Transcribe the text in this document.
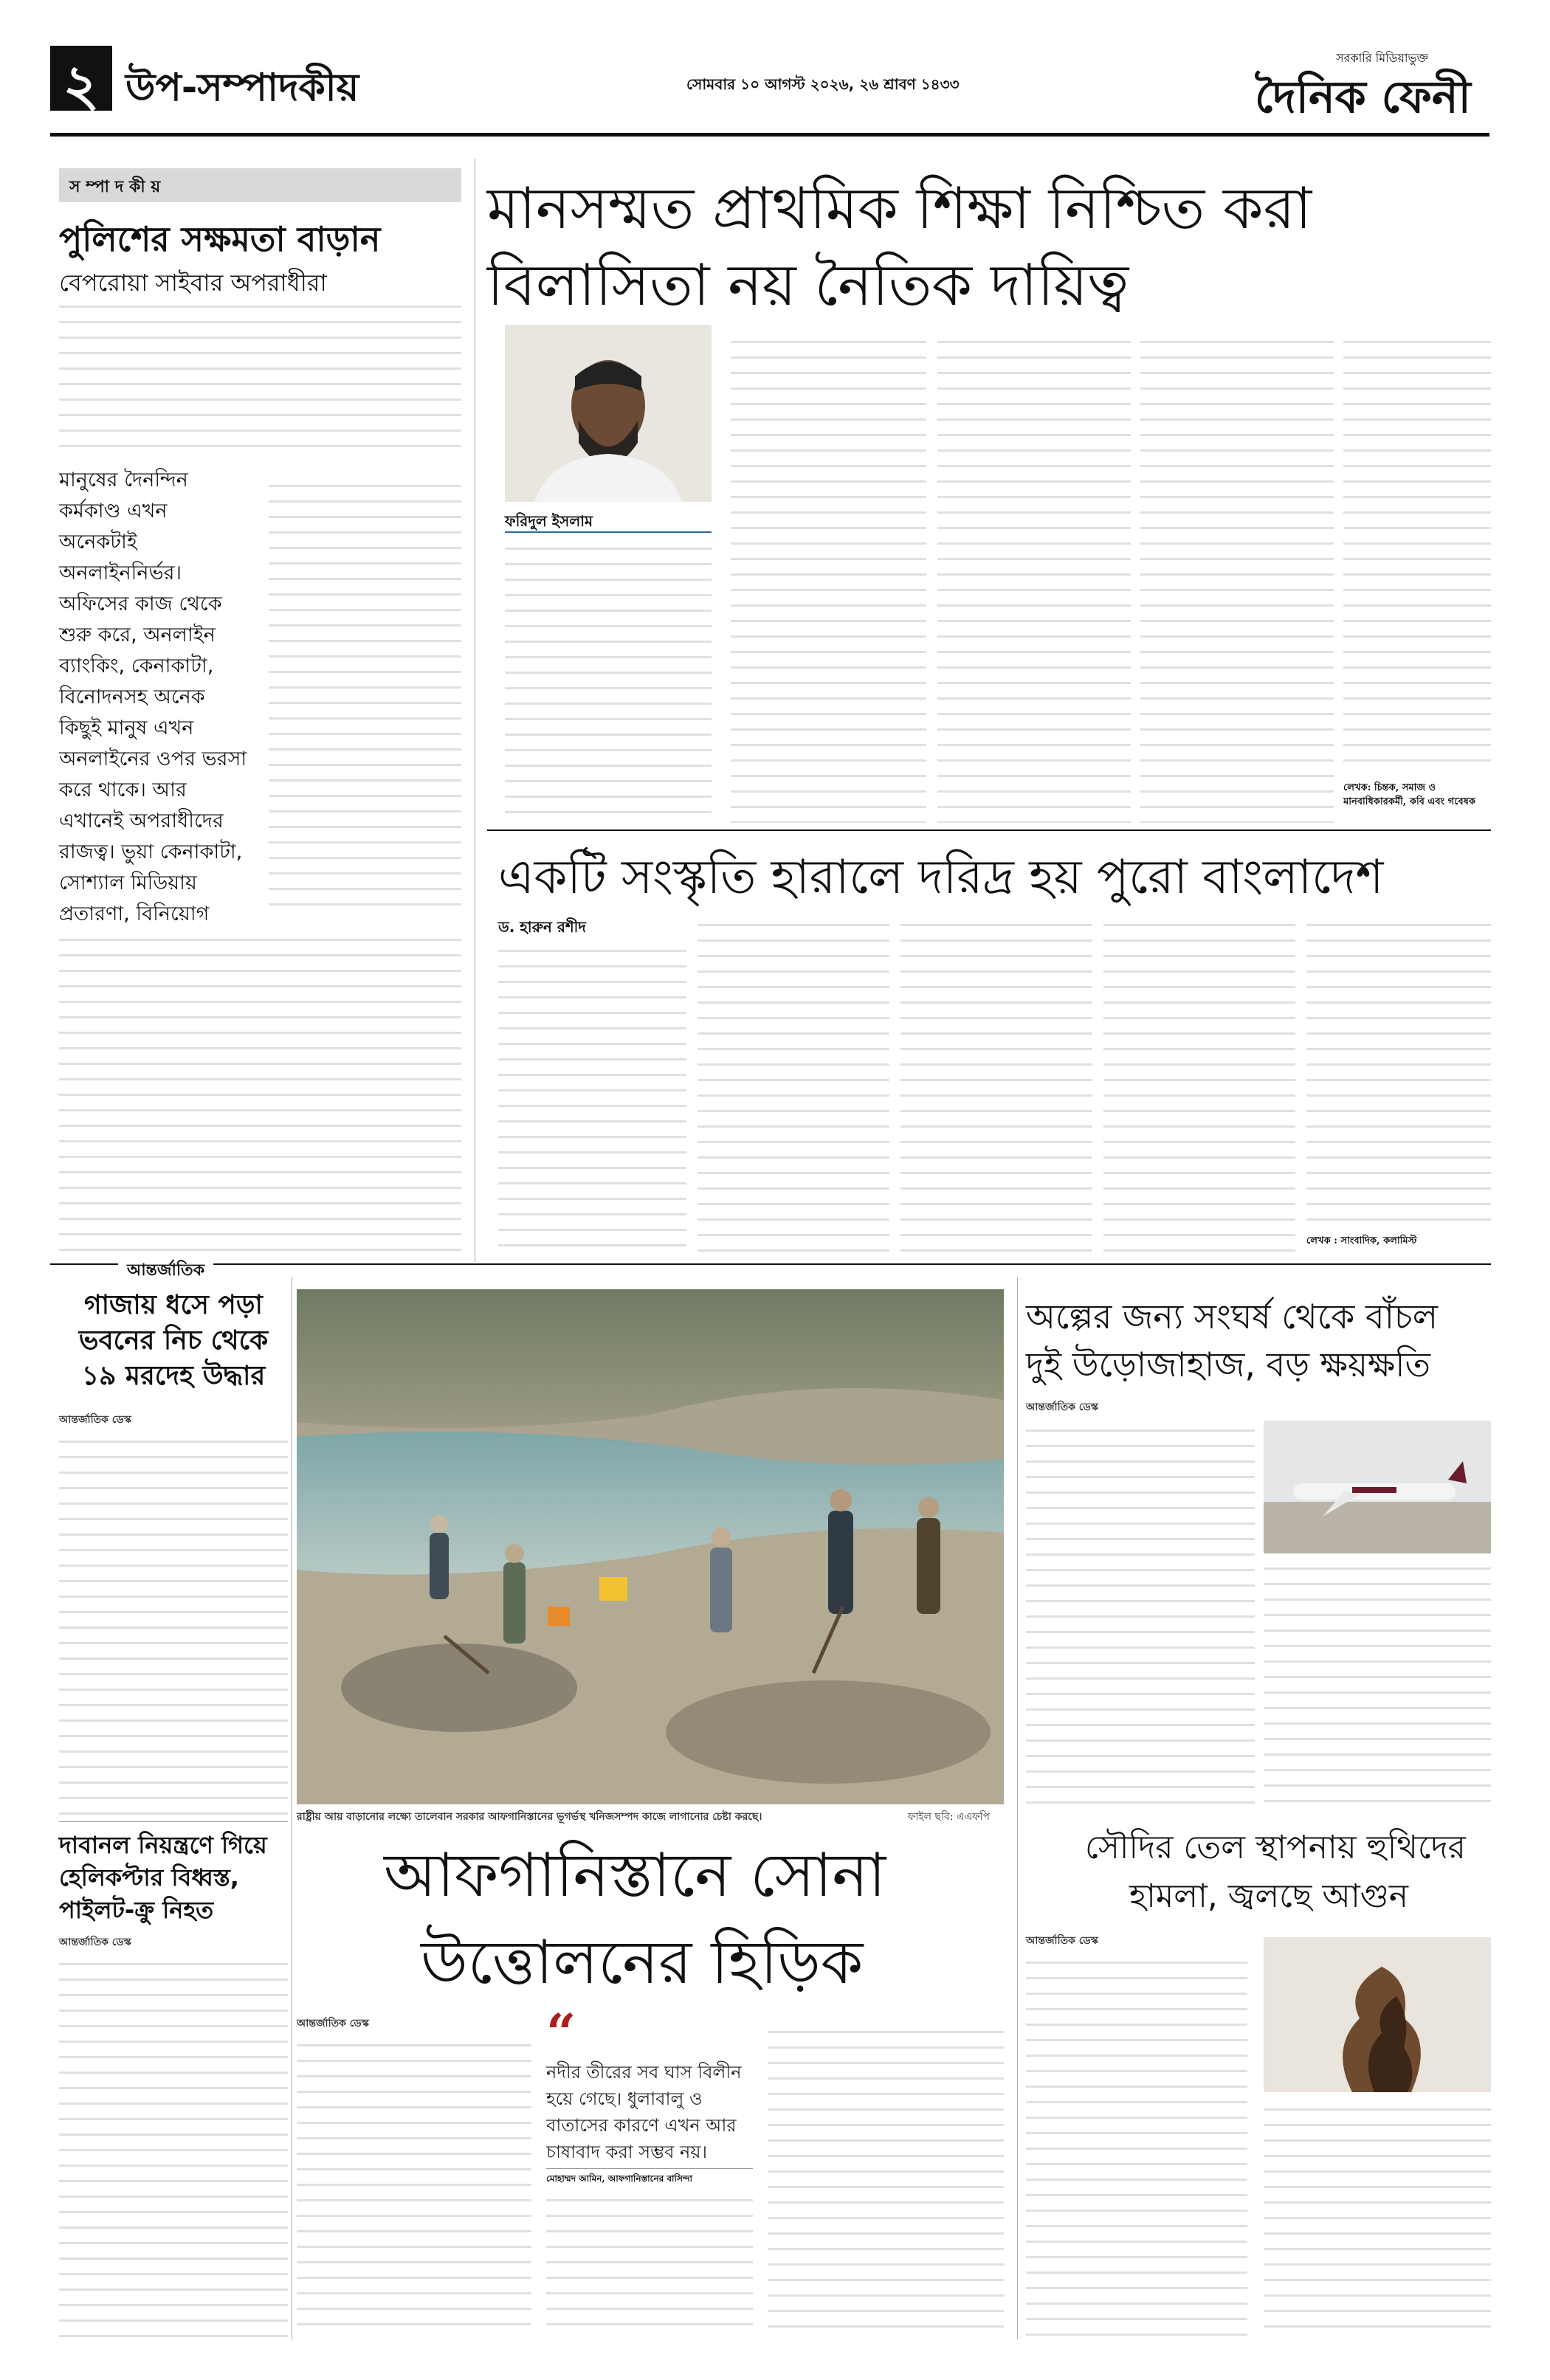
২ উপ-সম্পাদকীয়	সোমবার ১০ আগস্ট ২০২৬, ২৬ শ্রাবণ ১৪৩৩
সরকারি মিডিয়াভুক্ত
দৈনিক ফেনী
স ম্পা দ কী য়
পুলিশের সক্ষমতা বাড়ান
বেপরোয়া সাইবার অপরাধীরা
মানুষের দৈনন্দিন কর্মকাণ্ড এখন অনেকটাই অনলাইননির্ভর। অফিসের কাজ থেকে শুরু করে, অনলাইন ব্যাংকিং, কেনাকাটা, বিনোদনসহ অনেক কিছুই মানুষ এখন অনলাইনের ওপর ভরসা করে থাকে। আর এখানেই অপরাধীদের রাজত্ব। ভুয়া কেনাকাটা, সোশ্যাল মিডিয়ায় প্রতারণা, বিনিয়োগ
মানসম্মত প্রাথমিক শিক্ষা নিশ্চিত করা
বিলাসিতা নয় নৈতিক দায়িত্ব
ফরিদুল ইসলাম
লেখক: চিন্তক, সমাজ ও মানবাধিকারকর্মী, কবি এবং গবেষক
একটি সংস্কৃতি হারালে দরিদ্র হয় পুরো বাংলাদেশ
ড. হারুন রশীদ
লেখক : সাংবাদিক, কলামিস্ট
আন্তর্জাতিক
গাজায় ধসে পড়া ভবনের নিচ থেকে ১৯ মরদেহ উদ্ধার
আন্তর্জাতিক ডেস্ক
দাবানল নিয়ন্ত্রণে গিয়ে হেলিকপ্টার বিধ্বস্ত, পাইলট-ক্রু নিহত
আন্তর্জাতিক ডেস্ক
রাষ্ট্রীয় আয় বাড়ানোর লক্ষ্যে তালেবান সরকার আফগানিস্তানের ভূগর্ভস্থ খনিজসম্পদ কাজে লাগানোর চেষ্টা করছে।	ফাইল ছবি: এএফপি
আফগানিস্তানে সোনা
উত্তোলনের হিড়িক
আন্তর্জাতিক ডেস্ক	“
নদীর তীরের সব ঘাস বিলীন হয়ে গেছে। ধুলাবালু ও বাতাসের কারণে এখন আর চাষাবাদ করা সম্ভব নয়।
মোহাম্মদ আমিন, আফগানিস্তানের বাসিন্দা
অল্পের জন্য সংঘর্ষ থেকে বাঁচল
দুই উড়োজাহাজ, বড় ক্ষয়ক্ষতি
আন্তর্জাতিক ডেস্ক
সৌদির তেল স্থাপনায় হুথিদের
হামলা, জ্বলছে আগুন
আন্তর্জাতিক ডেস্ক
